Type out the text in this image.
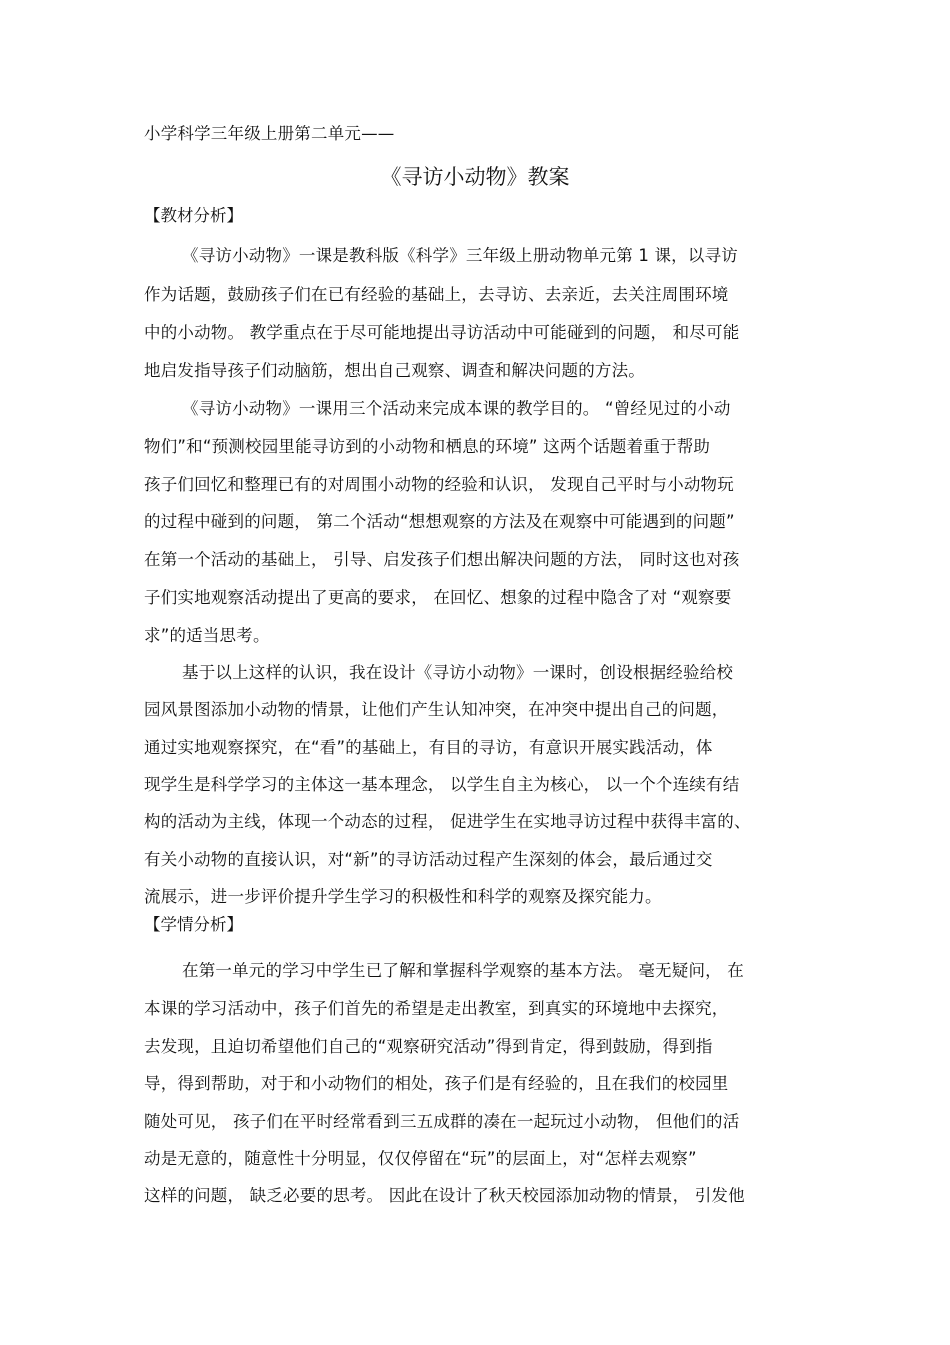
小学科学三年级上册第二单元——
《寻访小动物》教案
【教材分析】
《寻访小动物》一课是教科版《科学》三年级上册动物单元第 1 课，以寻访
作为话题，鼓励孩子们在已有经验的基础上，去寻访、去亲近，去关注周围环境
中的小动物。 教学重点在于尽可能地提出寻访活动中可能碰到的问题， 和尽可能
地启发指导孩子们动脑筋，想出自己观察、调查和解决问题的方法。
《寻访小动物》一课用三个活动来完成本课的教学目的。 “曾经见过的小动
物们”和“预测校园里能寻访到的小动物和栖息的环境” 这两个话题着重于帮助
孩子们回忆和整理已有的对周围小动物的经验和认识， 发现自己平时与小动物玩
的过程中碰到的问题， 第二个活动“想想观察的方法及在观察中可能遇到的问题”
在第一个活动的基础上， 引导、启发孩子们想出解决问题的方法， 同时这也对孩
子们实地观察活动提出了更高的要求， 在回忆、想象的过程中隐含了对 “观察要
求”的适当思考。
基于以上这样的认识，我在设计《寻访小动物》一课时，创设根据经验给校
园风景图添加小动物的情景，让他们产生认知冲突，在冲突中提出自己的问题，
通过实地观察探究，在“看”的基础上，有目的寻访，有意识开展实践活动，体
现学生是科学学习的主体这一基本理念， 以学生自主为核心， 以一个个连续有结
构的活动为主线，体现一个动态的过程， 促进学生在实地寻访过程中获得丰富的、
有关小动物的直接认识，对“新”的寻访活动过程产生深刻的体会，最后通过交
流展示，进一步评价提升学生学习的积极性和科学的观察及探究能力。
【学情分析】
在第一单元的学习中学生已了解和掌握科学观察的基本方法。 毫无疑问， 在
本课的学习活动中，孩子们首先的希望是走出教室，到真实的环境地中去探究，
去发现，且迫切希望他们自己的“观察研究活动”得到肯定，得到鼓励，得到指
导，得到帮助，对于和小动物们的相处，孩子们是有经验的，且在我们的校园里
随处可见， 孩子们在平时经常看到三五成群的凑在一起玩过小动物， 但他们的活
动是无意的，随意性十分明显，仅仅停留在“玩”的层面上，对“怎样去观察”
这样的问题， 缺乏必要的思考。 因此在设计了秋天校园添加动物的情景， 引发他
